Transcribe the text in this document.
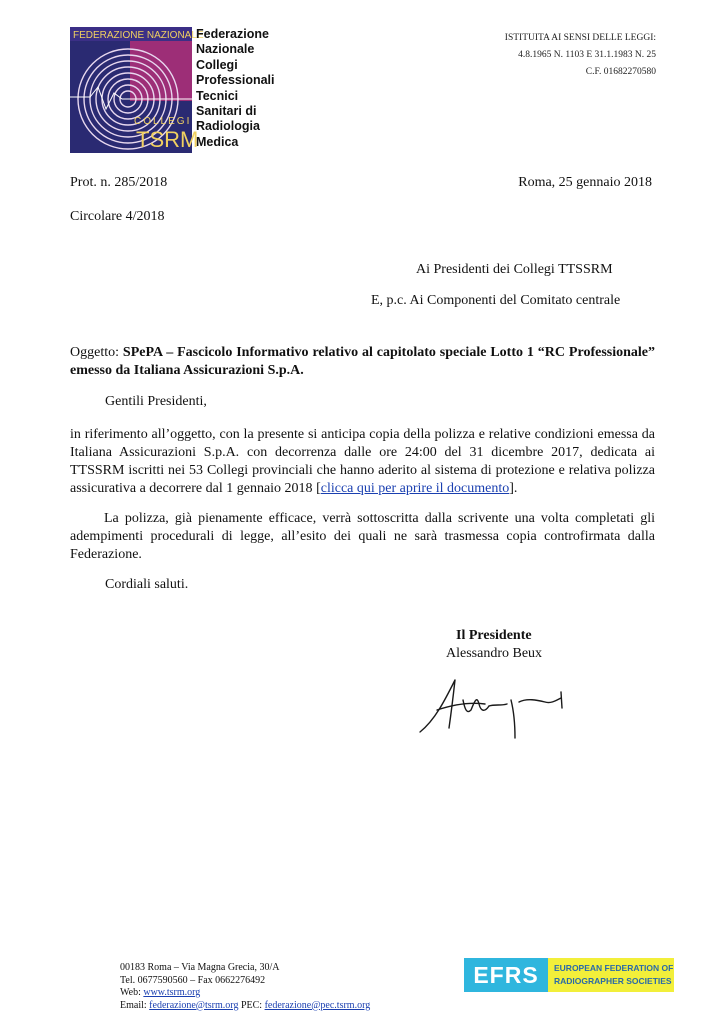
FEDERAZIONE NAZIONALE
COLLEGI
TSRM
Federazione
Nazionale
Collegi
Professionali
Tecnici
Sanitari di
Radiologia
Medica
ISTITUITA AI SENSI DELLE LEGGI:
4.8.1965 N. 1103 E 31.1.1983 N. 25
C.F. 01682270580
Prot. n. 285/2018	Roma, 25 gennaio 2018
Circolare 4/2018
Ai Presidenti dei Collegi TTSSRM
E, p.c. Ai Componenti del Comitato centrale
Oggetto: SPePA – Fascicolo Informativo relativo al capitolato speciale Lotto 1 “RC Professionale” emesso da Italiana Assicurazioni S.p.A.
Gentili Presidenti,
in riferimento all’oggetto, con la presente si anticipa copia della polizza e relative condizioni emessa da Italiana Assicurazioni S.p.A. con decorrenza dalle ore 24:00 del 31 dicembre 2017, dedicata ai TTSSRM iscritti nei 53 Collegi provinciali che hanno aderito al sistema di protezione e relativa polizza assicurativa a decorrere dal 1 gennaio 2018 [clicca qui per aprire il documento].
La polizza, già pienamente efficace, verrà sottoscritta dalla scrivente una volta completati gli adempimenti procedurali di legge, all’esito dei quali ne sarà trasmessa copia controfirmata dalla Federazione.
Cordiali saluti.
Il Presidente
Alessandro Beux
00183 Roma – Via Magna Grecia, 30/A
Tel. 0677590560 – Fax 0662276492
Web: www.tsrm.org
Email: federazione@tsrm.org PEC: federazione@pec.tsrm.org
EFRS	EUROPEAN FEDERATION OF
RADIOGRAPHER SOCIETIES
